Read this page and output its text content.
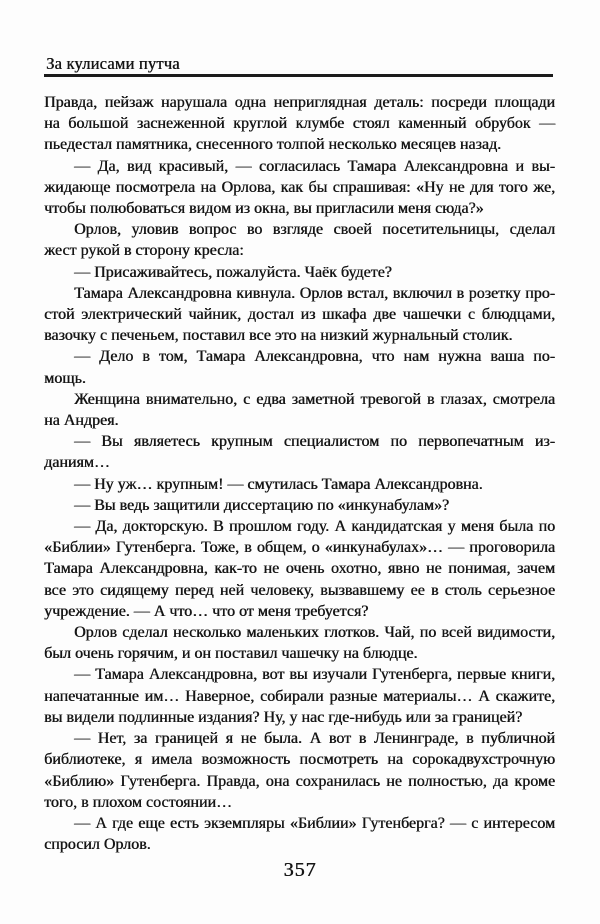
За кулисами путча
Правда, пейзаж нарушала одна неприглядная деталь: посреди площади
на большой заснеженной круглой клумбе стоял каменный обрубок —
пьедестал памятника, снесенного толпой несколько месяцев назад.
— Да, вид красивый, — согласилась Тамара Александровна и вы-
жидающе посмотрела на Орлова, как бы спрашивая: «Ну не для того же,
чтобы полюбоваться видом из окна, вы пригласили меня сюда?»
Орлов, уловив вопрос во взгляде своей посетительницы, сделал
жест рукой в сторону кресла:
— Присаживайтесь, пожалуйста. Чаёк будете?
Тамара Александровна кивнула. Орлов встал, включил в розетку про-
стой электрический чайник, достал из шкафа две чашечки с блюдцами,
вазочку с печеньем, поставил все это на низкий журнальный столик.
— Дело в том, Тамара Александровна, что нам нужна ваша по-
мощь.
Женщина внимательно, с едва заметной тревогой в глазах, смотрела
на Андрея.
— Вы являетесь крупным специалистом по первопечатным из-
даниям…
— Ну уж… крупным! — смутилась Тамара Александровна.
— Вы ведь защитили диссертацию по «инкунабулам»?
— Да, докторскую. В прошлом году. А кандидатская у меня была по
«Библии» Гутенберга. Тоже, в общем, о «инкунабулах»… — проговорила
Тамара Александровна, как-то не очень охотно, явно не понимая, зачем
все это сидящему перед ней человеку, вызвавшему ее в столь серьезное
учреждение. — А что… что от меня требуется?
Орлов сделал несколько маленьких глотков. Чай, по всей видимости,
был очень горячим, и он поставил чашечку на блюдце.
— Тамара Александровна, вот вы изучали Гутенберга, первые книги,
напечатанные им… Наверное, собирали разные материалы… А скажите,
вы видели подлинные издания? Ну, у нас где-нибудь или за границей?
— Нет, за границей я не была. А вот в Ленинграде, в публичной
библиотеке, я имела возможность посмотреть на сорокадвухстрочную
«Библию» Гутенберга. Правда, она сохранилась не полностью, да кроме
того, в плохом состоянии…
— А где еще есть экземпляры «Библии» Гутенберга? — с интересом
спросил Орлов.
357
